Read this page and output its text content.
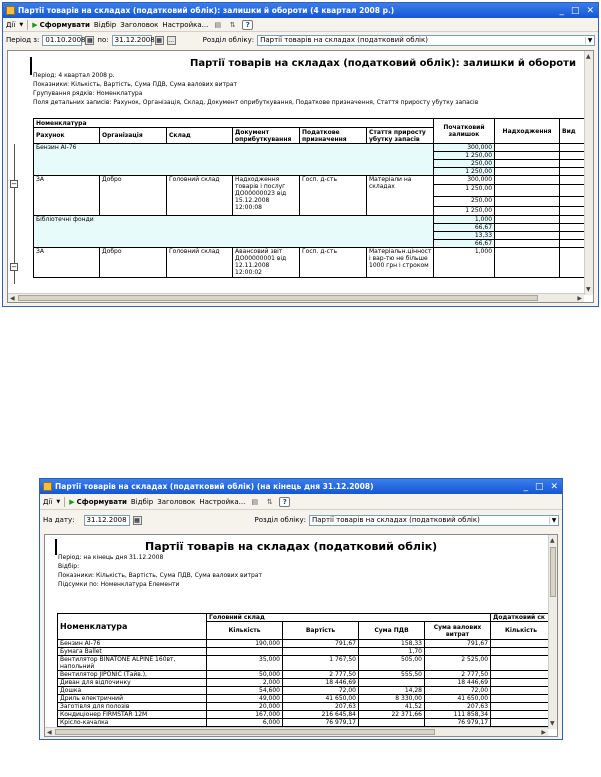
Партії товарів на складах (податковий облік): залишки й обороти (4 квартал 2008 р.)	_ □ ✕
Дії ▼	▶ Сформувати Відбір Заголовок Настройка... ▤	⇅	?
Період з: 01.10.2008 ▦ по: 31.12.2008 ▦ …	Розділ обліку: Партії товарів на складах (податковий облік)	▼
Партії товарів на складах (податковий облік): залишки й обороти
Період: 4 квартал 2008 р.
Показники: Кількість, Вартість, Сума ПДВ, Сума валових витрат
Групування рядків: Номенклатура
Поля детальних записів: Рахунок, Організація, Склад, Документ оприбуткування, Податкове призначення, Стаття приросту убутку запасів
−
−
Номенклатура						Початковий залишок	Надходження	Вид
Рахунок	Організація	Склад	Документ оприбуткування	Податкове призначення	Стаття приросту убутку запасів			
Бензин АІ-76						300,000		
						1 250,00		
						250,00		
						1 250,00		
ЗА	Добро	Головний склад	Надходження товарів і послуг ДО00000023 від 15.12.2008 12:00:08	Госп. д-сть	Матеріали на складах	300,000		
						1 250,00		
						250,00		
						1 250,00		
Бібліотечні фонди						1,000		
						66,67		
						13,33		
						66,67		
ЗА	Добро	Головний склад	Авансовий звіт ДО00000001 від 12.11.2008 12:00:02	Госп. д-сть	Матеріальн.цінност і вар-тю не більше 1000 грн і строком	1,000		
▲
▼
◀	▶
Партії товарів на складах (податковий облік) (на кінець дня 31.12.2008)	_ □ ✕
Дії ▼	▶ Сформувати Відбір Заголовок Настройка... ▤	⇅	?
На дату:	31.12.2008	▦	Розділ обліку: Партії товарів на складах (податковий облік)	▼
Партії товарів на складах (податковий облік)
Період: на кінець дня 31.12.2008
Відбір:
Показники: Кількість, Вартість, Сума ПДВ, Сума валових витрат
Підсумки по: Номенклатура Елементи
Номенклатура	Головний склад				Додатковий ск
	Кількість	Вартість	Сума ПДВ	Сума валових витрат	Кількість
Бензин АІ-76	190,000	791,67	158,33	791,67	
Бумага Ballet			1,70		
Вентилятор BINATONE ALPINE 160вт, напольний	35,000	1 767,50	505,00	2 525,00	
Вентилятор JIPONIC (Тайв.),	50,000	2 777,50	555,50	2 777,50	
Диван для відпочинку	2,000	18 446,69		18 446,69	
Дошка	54,600	72,00	14,28	72,00	
Дриль електричний	49,000	41 650,00	8 330,00	41 650,00	
Заготівля для полозів	20,000	207,63	41,52	207,63	
Кондиціонер FIRMSTAR 12M	167,000	216 645,84	22 371,66	111 858,34	
Крісло-качалка	6,000	76 979,17		76 979,17	
▲
▼
◀	▶
